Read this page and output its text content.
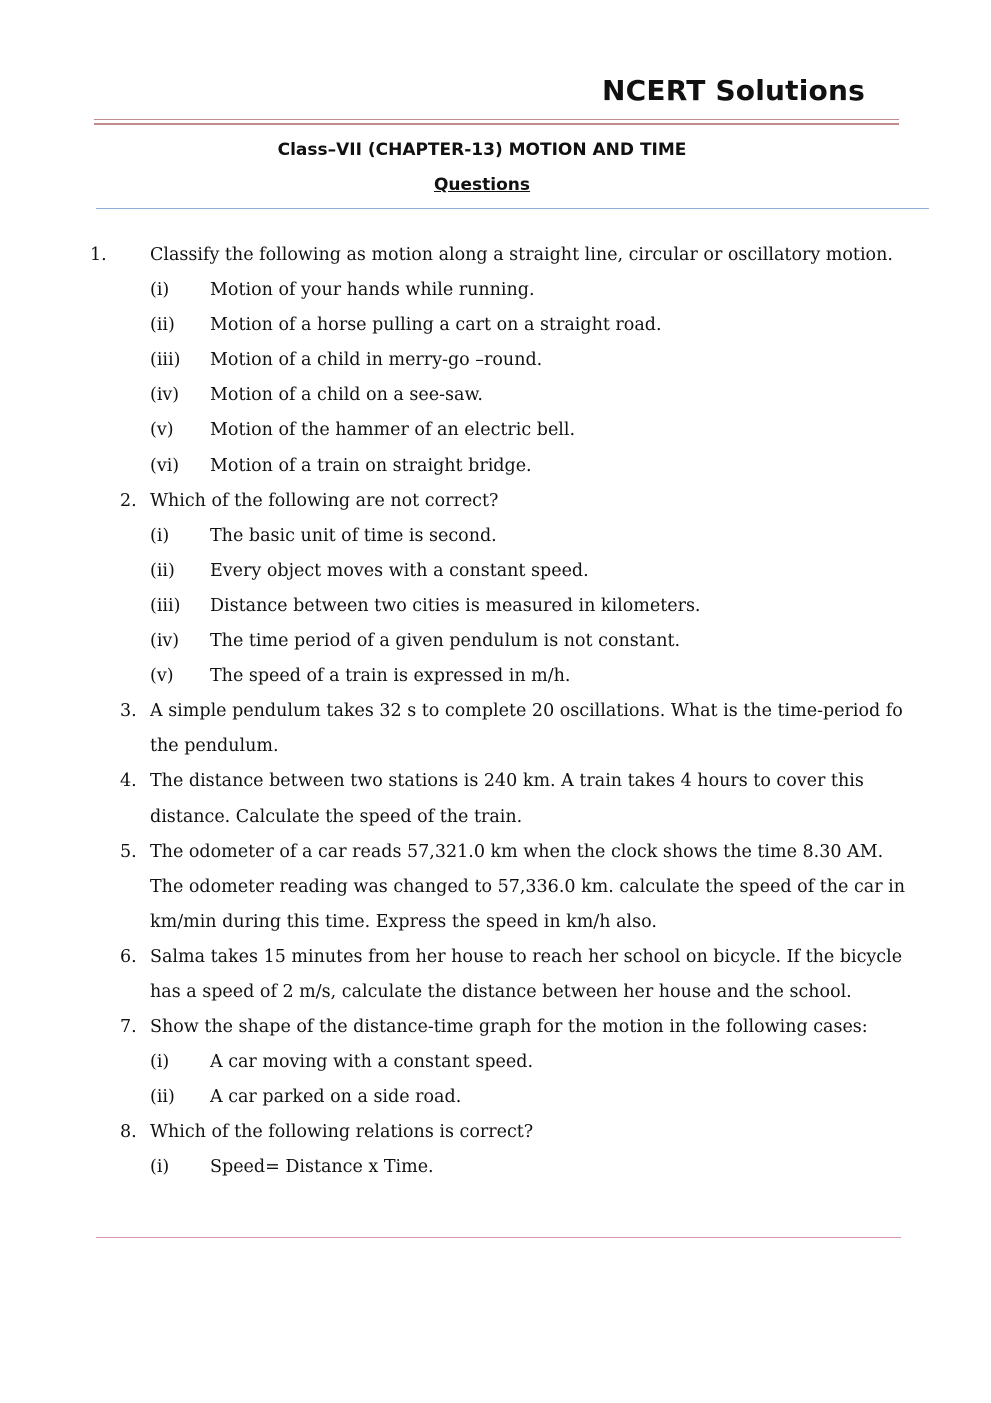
NCERT Solutions
Class–VII (CHAPTER-13) MOTION AND TIME
Questions
1. Classify the following as motion along a straight line, circular or oscillatory motion.
(i) Motion of your hands while running.
(ii) Motion of a horse pulling a cart on a straight road.
(iii) Motion of a child in merry-go –round.
(iv) Motion of a child on a see-saw.
(v) Motion of the hammer of an electric bell.
(vi) Motion of a train on straight bridge.
2. Which of the following are not correct?
(i) The basic unit of time is second.
(ii) Every object moves with a constant speed.
(iii) Distance between two cities is measured in kilometers.
(iv) The time period of a given pendulum is not constant.
(v) The speed of a train is expressed in m/h.
3. A simple pendulum takes 32 s to complete 20 oscillations. What is the time-period fo
the pendulum.
4. The distance between two stations is 240 km. A train takes 4 hours to cover this
distance. Calculate the speed of the train.
5. The odometer of a car reads 57,321.0 km when the clock shows the time 8.30 AM.
The odometer reading was changed to 57,336.0 km. calculate the speed of the car in
km/min during this time. Express the speed in km/h also.
6. Salma takes 15 minutes from her house to reach her school on bicycle. If the bicycle
has a speed of 2 m/s, calculate the distance between her house and the school.
7. Show the shape of the distance-time graph for the motion in the following cases:
(i) A car moving with a constant speed.
(ii) A car parked on a side road.
8. Which of the following relations is correct?
(i) Speed= Distance x Time.
